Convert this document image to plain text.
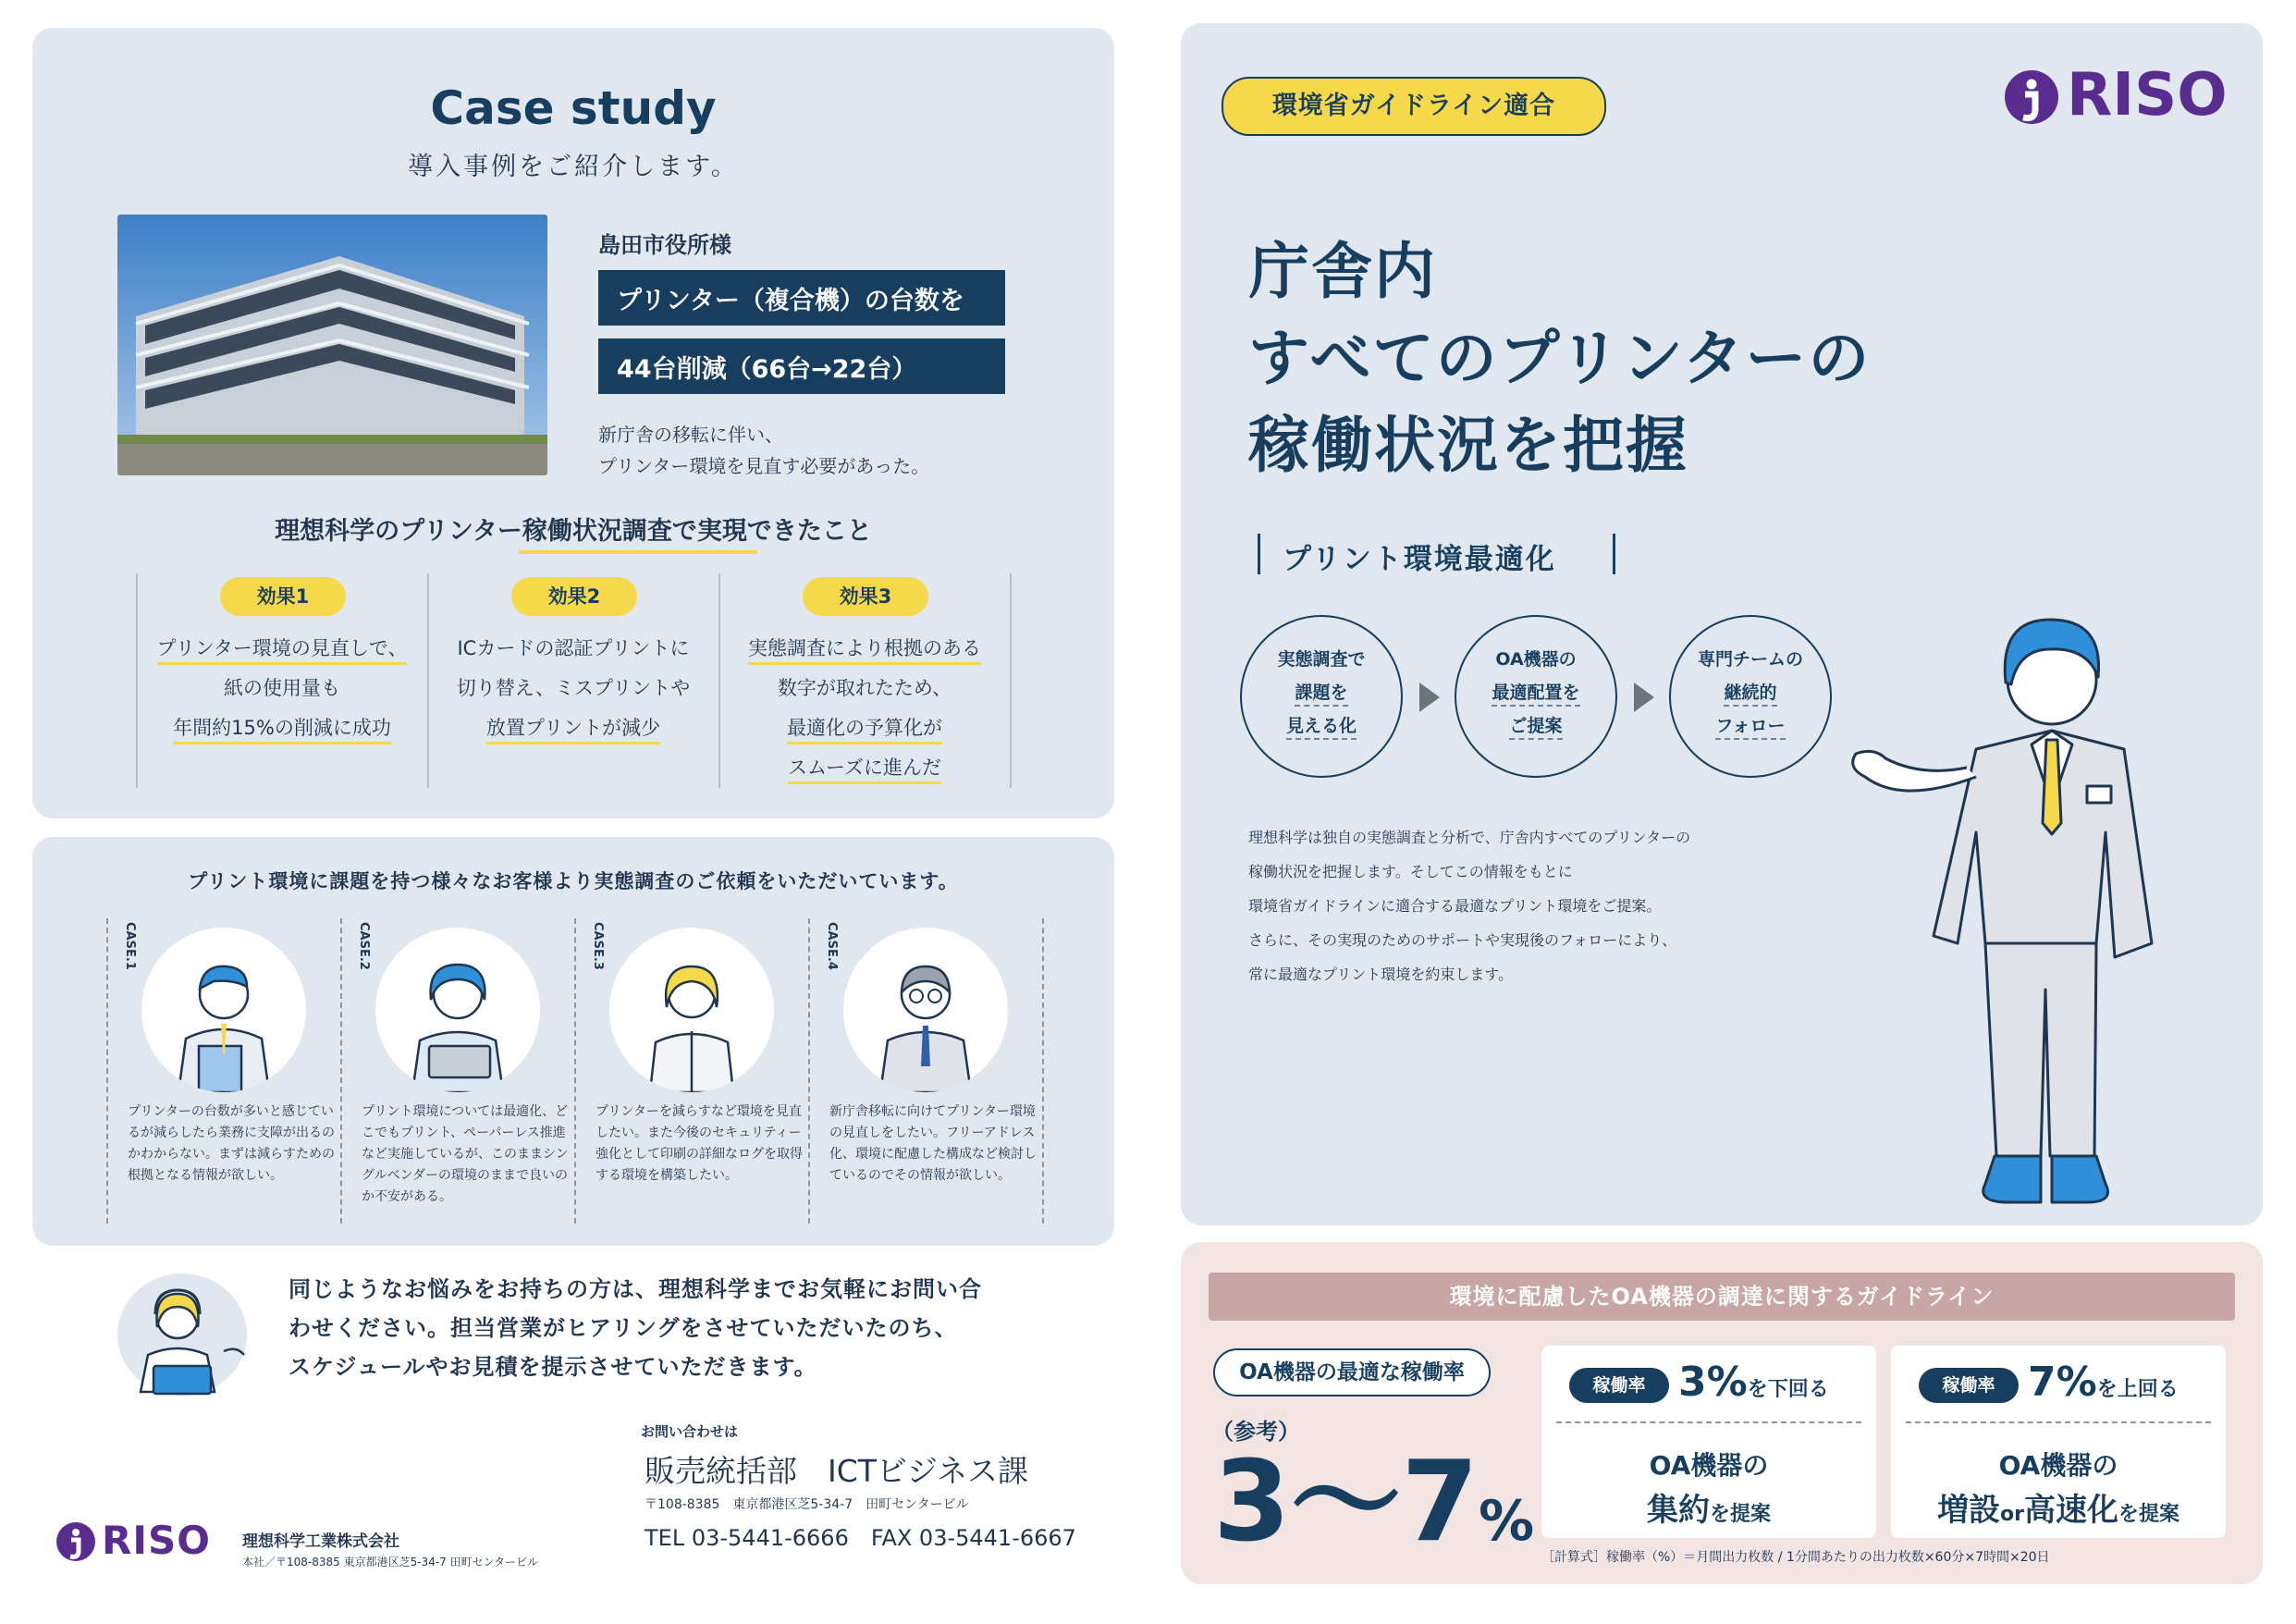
Case study
導入事例をご紹介します。
島田市役所様
プリンター（複合機）の台数を
44台削減（66台→22台）
新庁舎の移転に伴い、
プリンター環境を見直す必要があった。
理想科学のプリンター稼働状況調査で実現できたこと
効果1	効果2	効果3
プリンター環境の見直しで、
紙の使用量も
年間約15%の削減に成功
ICカードの認証プリントに
切り替え、ミスプリントや
放置プリントが減少
実態調査により根拠のある
数字が取れたため、
最適化の予算化が
スムーズに進んだ
プリント環境に課題を持つ様々なお客様より実態調査のご依頼をいただいています。
CASE.1	CASE.2	CASE.3	CASE.4
プリンターの台数が多いと感じているが減らしたら業務に支障が出るのかわからない。まずは減らすための根拠となる情報が欲しい。
プリント環境については最適化、どこでもプリント、ペーパーレス推進など実施しているが、このままシングルベンダーの環境のままで良いのか不安がある。
プリンターを減らすなど環境を見直したい。また今後のセキュリティー強化として印刷の詳細なログを取得する環境を構築したい。
新庁舎移転に向けてプリンター環境の見直しをしたい。フリーアドレス化、環境に配慮した構成など検討しているのでその情報が欲しい。
同じようなお悩みをお持ちの方は、理想科学までお気軽にお問い合
わせください。担当営業がヒアリングをさせていただいたのち、
スケジュールやお見積を提示させていただきます。
RISO 理想科学工業株式会社
本社／〒108-8385 東京都港区芝5-34-7 田町センタービル
お問い合わせは
販売統括部　ICTビジネス課
〒108-8385　東京都港区芝5-34-7　田町センタービル
TEL 03-5441-6666　FAX 03-5441-6667
環境省ガイドライン適合	RISO
庁舎内
すべてのプリンターの
稼働状況を把握
プリント環境最適化
実態調査で
課題を
見える化
OA機器の
最適配置を
ご提案
専門チームの
継続的
フォロー
理想科学は独自の実態調査と分析で、庁舎内すべてのプリンターの
稼働状況を把握します。そしてこの情報をもとに
環境省ガイドラインに適合する最適なプリント環境をご提案。
さらに、その実現のためのサポートや実現後のフォローにより、
常に最適なプリント環境を約束します。
環境に配慮したOA機器の調達に関するガイドライン
OA機器の最適な稼働率
（参考）
3〜7%
稼働率 3%を下回る
OA機器の
集約を提案
稼働率 7%を上回る
OA機器の
増設or高速化を提案
［計算式］稼働率（%）＝月間出力枚数 / 1分間あたりの出力枚数×60分×7時間×20日
